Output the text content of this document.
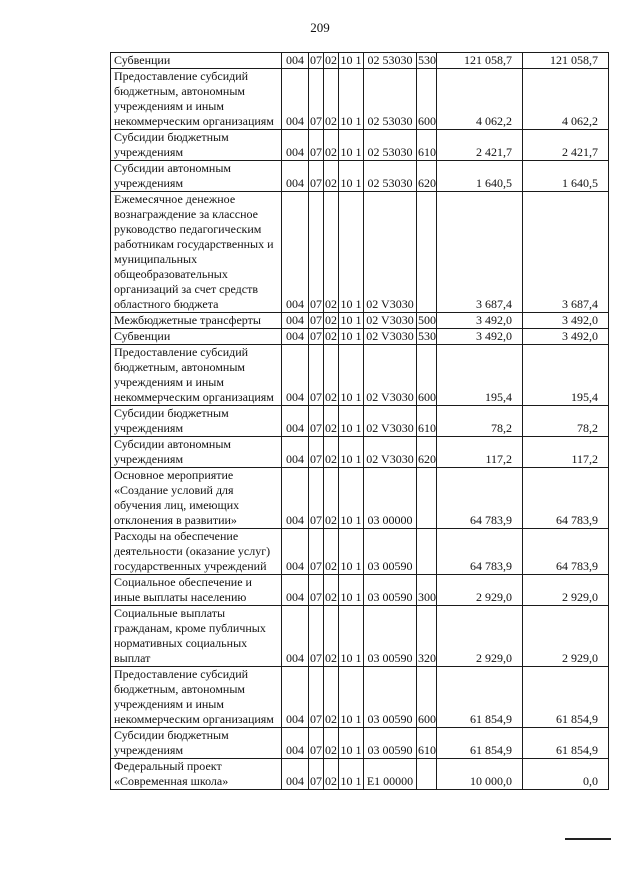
209
Субвенции	004	07	02	10 1	02 53030	530	121 058,7	121 058,7
Предоставление субсидий бюджетным, автономным учреждениям и иным некоммерческим организациям	004	07	02	10 1	02 53030	600	4 062,2	4 062,2
Субсидии бюджетным учреждениям	004	07	02	10 1	02 53030	610	2 421,7	2 421,7
Субсидии автономным учреждениям	004	07	02	10 1	02 53030	620	1 640,5	1 640,5
Ежемесячное денежное вознаграждение за классное руководство педагогическим работникам государственных и муниципальных общеобразовательных организаций за счет средств областного бюджета	004	07	02	10 1	02 V3030		3 687,4	3 687,4
Межбюджетные трансферты	004	07	02	10 1	02 V3030	500	3 492,0	3 492,0
Субвенции	004	07	02	10 1	02 V3030	530	3 492,0	3 492,0
Предоставление субсидий бюджетным, автономным учреждениям и иным некоммерческим организациям	004	07	02	10 1	02 V3030	600	195,4	195,4
Субсидии бюджетным учреждениям	004	07	02	10 1	02 V3030	610	78,2	78,2
Субсидии автономным учреждениям	004	07	02	10 1	02 V3030	620	117,2	117,2
Основное мероприятие «Создание условий для обучения лиц, имеющих отклонения в развитии»	004	07	02	10 1	03 00000		64 783,9	64 783,9
Расходы на обеспечение деятельности (оказание услуг) государственных учреждений	004	07	02	10 1	03 00590		64 783,9	64 783,9
Социальное обеспечение и иные выплаты населению	004	07	02	10 1	03 00590	300	2 929,0	2 929,0
Социальные выплаты гражданам, кроме публичных нормативных социальных выплат	004	07	02	10 1	03 00590	320	2 929,0	2 929,0
Предоставление субсидий бюджетным, автономным учреждениям и иным некоммерческим организациям	004	07	02	10 1	03 00590	600	61 854,9	61 854,9
Субсидии бюджетным учреждениям	004	07	02	10 1	03 00590	610	61 854,9	61 854,9
Федеральный проект «Современная школа»	004	07	02	10 1	E1 00000		10 000,0	0,0
